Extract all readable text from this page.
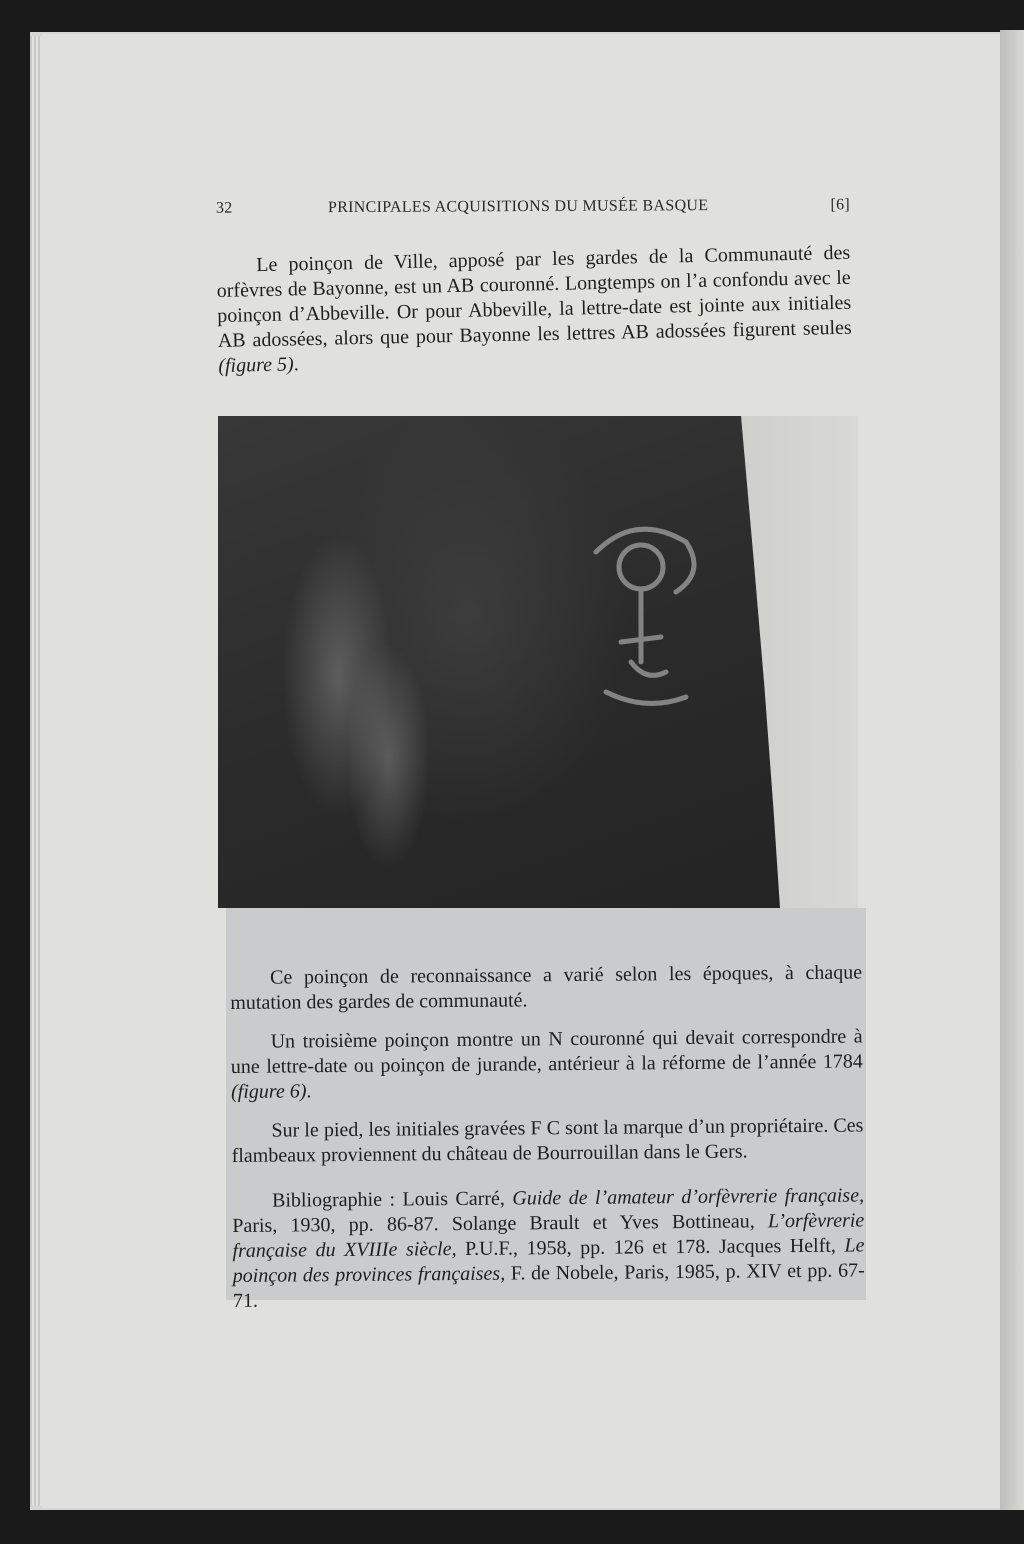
32	PRINCIPALES ACQUISITIONS DU MUSÉE BASQUE	[6]

Le poinçon de Ville, apposé par les gardes de la Communauté des orfèvres de Bayonne, est un AB couronné. Longtemps on l’a confondu avec le poinçon d’Abbeville. Or pour Abbeville, la lettre-date est jointe aux initiales AB adossées, alors que pour Bayonne les lettres AB adossées figurent seules (figure 5).

Ce poinçon de reconnaissance a varié selon les époques, à chaque mutation des gardes de communauté.

Un troisième poinçon montre un N couronné qui devait correspondre à une lettre-date ou poinçon de jurande, antérieur à la réforme de l’année 1784 (figure 6).

Sur le pied, les initiales gravées F C sont la marque d’un propriétaire. Ces flambeaux proviennent du château de Bourrouillan dans le Gers.

Bibliographie : Louis Carré, Guide de l’amateur d’orfèvrerie française, Paris, 1930, pp. 86-87. Solange Brault et Yves Bottineau, L’orfèvrerie française du XVIIIe siècle, P.U.F., 1958, pp. 126 et 178. Jacques Helft, Le poinçon des provinces françaises, F. de Nobele, Paris, 1985, p. XIV et pp. 67-71.
